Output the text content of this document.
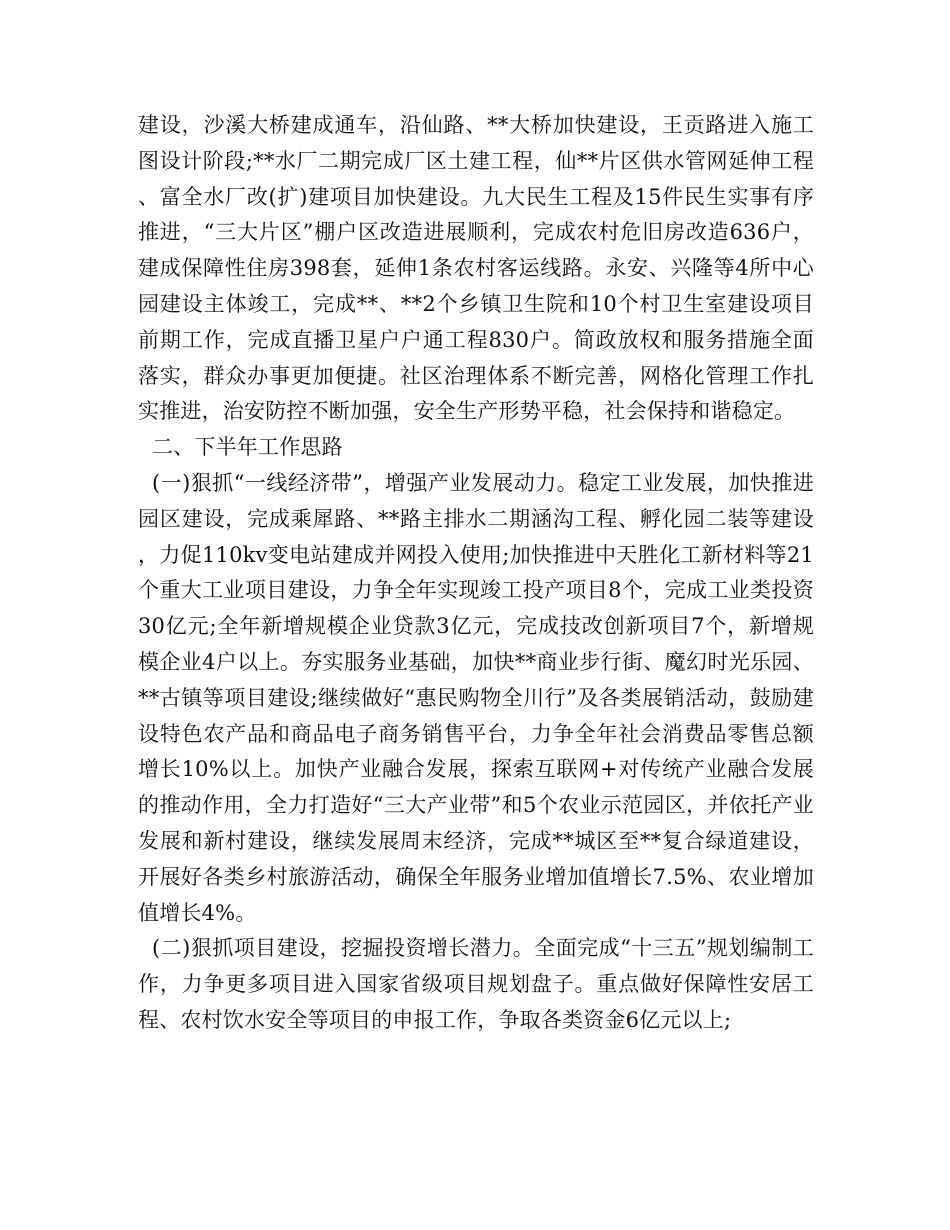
建设，沙溪大桥建成通车，沿仙路、**大桥加快建设，王贡路进入施工图设计阶段;**水厂二期完成厂区土建工程，仙**片区供水管网延伸工程、富全水厂改(扩)建项目加快建设。九大民生工程及15件民生实事有序推进，“三大片区”棚户区改造进展顺利，完成农村危旧房改造636户，建成保障性住房398套，延伸1条农村客运线路。永安、兴隆等4所中心园建设主体竣工，完成**、**2个乡镇卫生院和10个村卫生室建设项目前期工作，完成直播卫星户户通工程830户。简政放权和服务措施全面落实，群众办事更加便捷。社区治理体系不断完善，网格化管理工作扎实推进，治安防控不断加强，安全生产形势平稳，社会保持和谐稳定。

二、下半年工作思路

(一)狠抓“一线经济带”，增强产业发展动力。稳定工业发展，加快推进园区建设，完成乘犀路、**路主排水二期涵沟工程、孵化园二装等建设，力促110kv变电站建成并网投入使用;加快推进中天胜化工新材料等21个重大工业项目建设，力争全年实现竣工投产项目8个，完成工业类投资30亿元;全年新增规模企业贷款3亿元，完成技改创新项目7个，新增规模企业4户以上。夯实服务业基础，加快**商业步行街、魔幻时光乐园、**古镇等项目建设;继续做好“惠民购物全川行”及各类展销活动，鼓励建设特色农产品和商品电子商务销售平台，力争全年社会消费品零售总额增长10%以上。加快产业融合发展，探索互联网+对传统产业融合发展的推动作用，全力打造好“三大产业带”和5个农业示范园区，并依托产业发展和新村建设，继续发展周末经济，完成**城区至**复合绿道建设，开展好各类乡村旅游活动，确保全年服务业增加值增长7.5%、农业增加值增长4%。

(二)狠抓项目建设，挖掘投资增长潜力。全面完成“十三五”规划编制工作，力争更多项目进入国家省级项目规划盘子。重点做好保障性安居工程、农村饮水安全等项目的申报工作，争取各类资金6亿元以上;
